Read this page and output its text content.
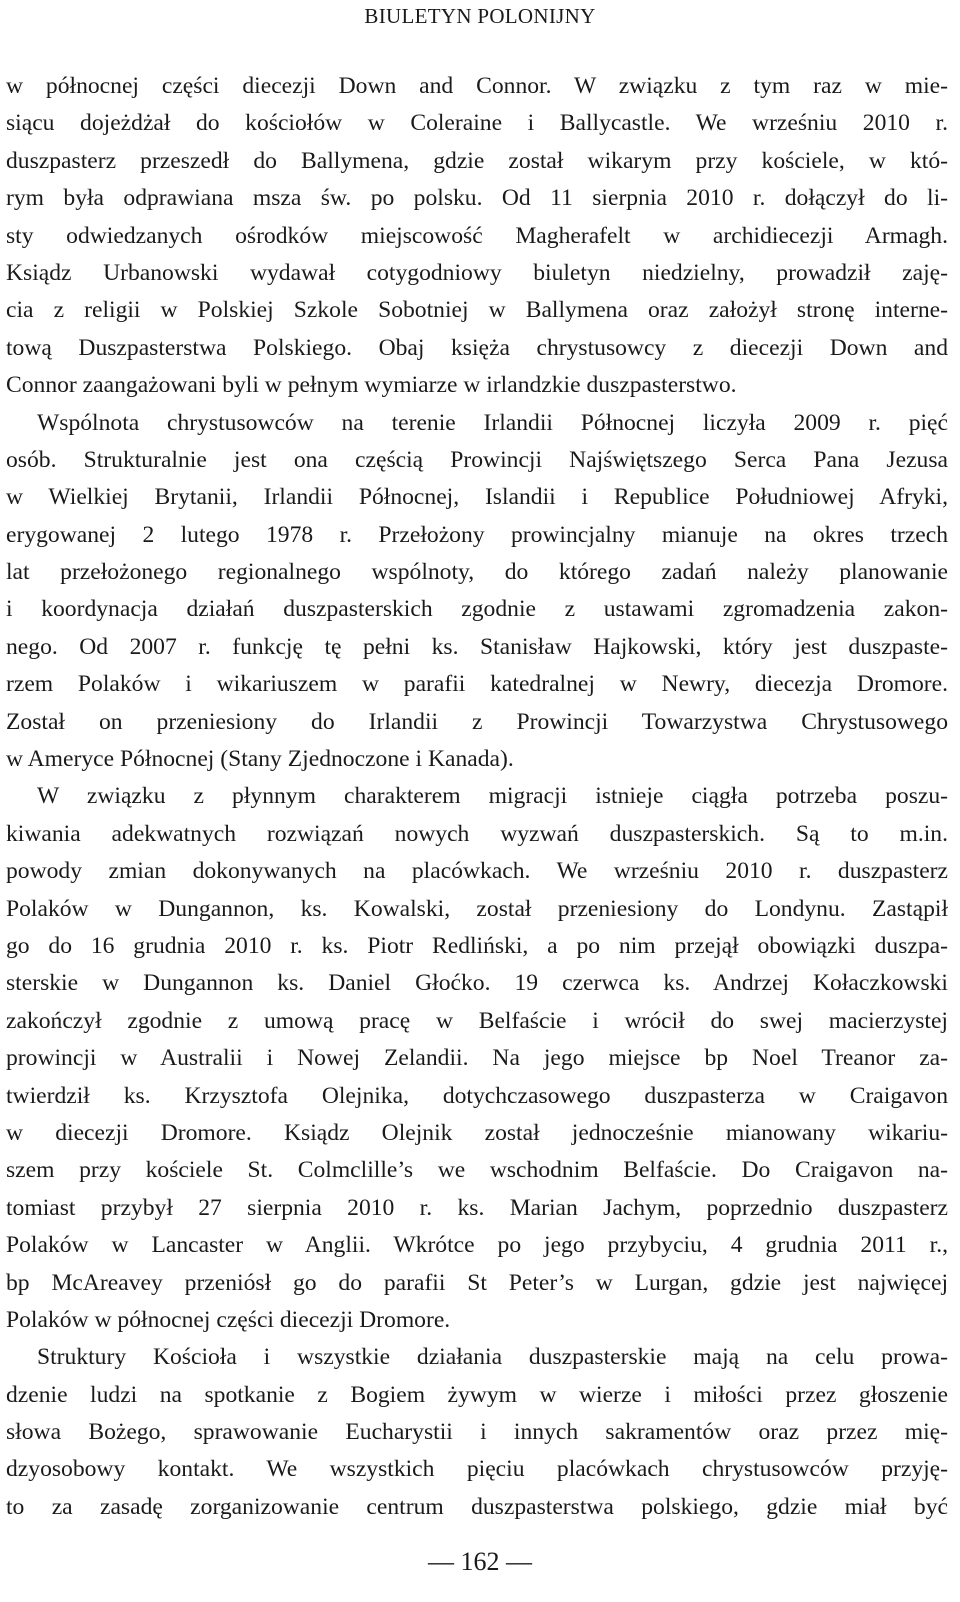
BIULETYN POLONIJNY
w północnej części diecezji Down and Connor. W związku z tym raz w mie-
siącu dojeżdżał do kościołów w Coleraine i Ballycastle. We wrześniu 2010 r.
duszpasterz przeszedł do Ballymena, gdzie został wikarym przy kościele, w któ-
rym była odprawiana msza św. po polsku. Od 11 sierpnia 2010 r. dołączył do li-
sty odwiedzanych ośrodków miejscowość Magherafelt w archidiecezji Armagh.
Ksiądz Urbanowski wydawał cotygodniowy biuletyn niedzielny, prowadził zaję-
cia z religii w Polskiej Szkole Sobotniej w Ballymena oraz założył stronę interne-
tową Duszpasterstwa Polskiego. Obaj księża chrystusowcy z diecezji Down and
Connor zaangażowani byli w pełnym wymiarze w irlandzkie duszpasterstwo.
Wspólnota chrystusowców na terenie Irlandii Północnej liczyła 2009 r. pięć
osób. Strukturalnie jest ona częścią Prowincji Najświętszego Serca Pana Jezusa
w Wielkiej Brytanii, Irlandii Północnej, Islandii i Republice Południowej Afryki,
erygowanej 2 lutego 1978 r. Przełożony prowincjalny mianuje na okres trzech
lat przełożonego regionalnego wspólnoty, do którego zadań należy planowanie
i koordynacja działań duszpasterskich zgodnie z ustawami zgromadzenia zakon-
nego. Od 2007 r. funkcję tę pełni ks. Stanisław Hajkowski, który jest duszpaste-
rzem Polaków i wikariuszem w parafii katedralnej w Newry, diecezja Dromore.
Został on przeniesiony do Irlandii z Prowincji Towarzystwa Chrystusowego
w Ameryce Północnej (Stany Zjednoczone i Kanada).
W związku z płynnym charakterem migracji istnieje ciągła potrzeba poszu-
kiwania adekwatnych rozwiązań nowych wyzwań duszpasterskich. Są to m.in.
powody zmian dokonywanych na placówkach. We wrześniu 2010 r. duszpasterz
Polaków w Dungannon, ks. Kowalski, został przeniesiony do Londynu. Zastąpił
go do 16 grudnia 2010 r. ks. Piotr Redliński, a po nim przejął obowiązki duszpa-
sterskie w Dungannon ks. Daniel Głoćko. 19 czerwca ks. Andrzej Kołaczkowski
zakończył zgodnie z umową pracę w Belfaście i wrócił do swej macierzystej
prowincji w Australii i Nowej Zelandii. Na jego miejsce bp Noel Treanor za-
twierdził ks. Krzysztofa Olejnika, dotychczasowego duszpasterza w Craigavon
w diecezji Dromore. Ksiądz Olejnik został jednocześnie mianowany wikariu-
szem przy kościele St. Colmclille’s we wschodnim Belfaście. Do Craigavon na-
tomiast przybył 27 sierpnia 2010 r. ks. Marian Jachym, poprzednio duszpasterz
Polaków w Lancaster w Anglii. Wkrótce po jego przybyciu, 4 grudnia 2011 r.,
bp McAreavey przeniósł go do parafii St Peter’s w Lurgan, gdzie jest najwięcej
Polaków w północnej części diecezji Dromore.
Struktury Kościoła i wszystkie działania duszpasterskie mają na celu prowa-
dzenie ludzi na spotkanie z Bogiem żywym w wierze i miłości przez głoszenie
słowa Bożego, sprawowanie Eucharystii i innych sakramentów oraz przez mię-
dzyosobowy kontakt. We wszystkich pięciu placówkach chrystusowców przyję-
to za zasadę zorganizowanie centrum duszpasterstwa polskiego, gdzie miał być
— 162 —
